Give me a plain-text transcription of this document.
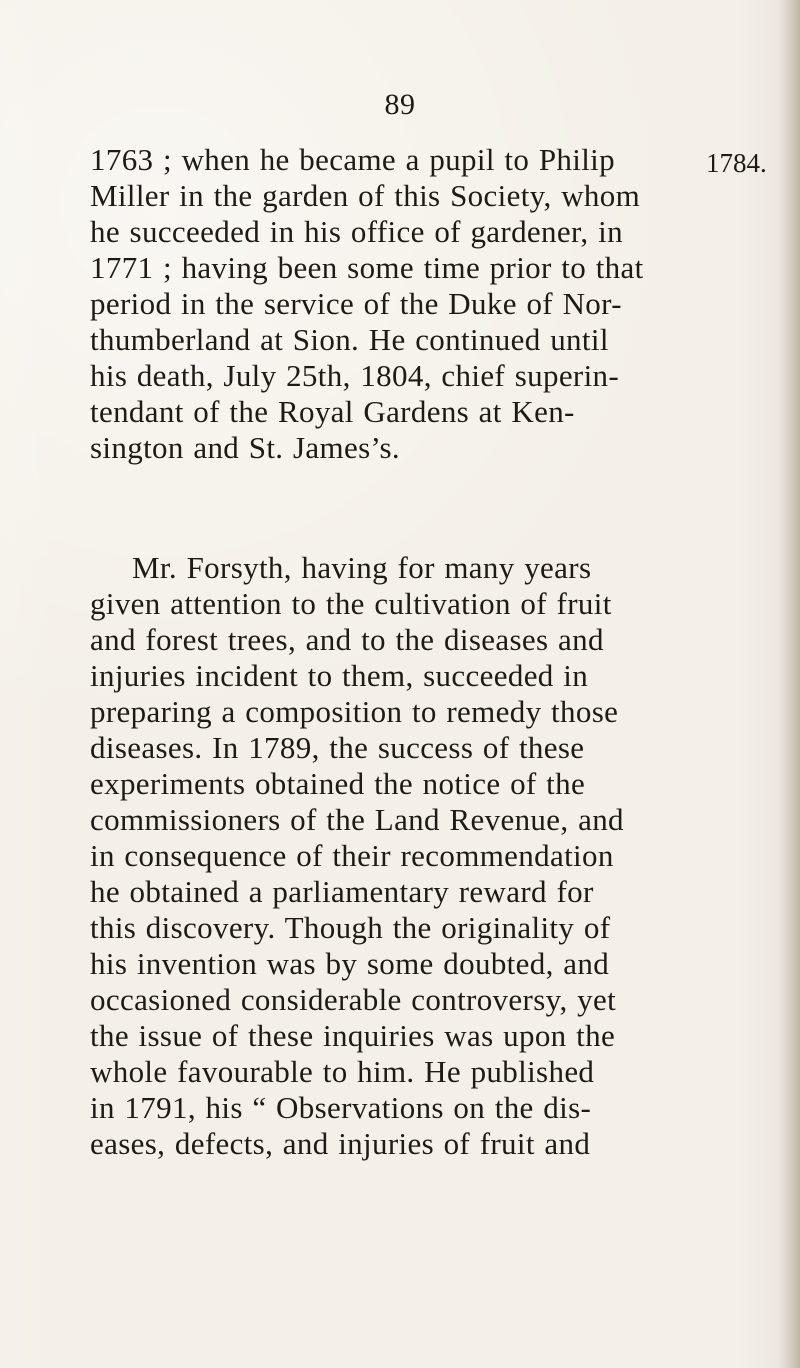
89
1784.
1763 ; when he became a pupil to Philip
Miller in the garden of this Society, whom
he succeeded in his office of gardener, in
1771 ; having been some time prior to that
period in the service of the Duke of Nor-
thumberland at Sion. He continued until
his death, July 25th, 1804, chief superin-
tendant of the Royal Gardens at Ken-
sington and St. James’s.
Mr. Forsyth, having for many years
given attention to the cultivation of fruit
and forest trees, and to the diseases and
injuries incident to them, succeeded in
preparing a composition to remedy those
diseases. In 1789, the success of these
experiments obtained the notice of the
commissioners of the Land Revenue, and
in consequence of their recommendation
he obtained a parliamentary reward for
this discovery. Though the originality of
his invention was by some doubted, and
occasioned considerable controversy, yet
the issue of these inquiries was upon the
whole favourable to him. He published
in 1791, his “ Observations on the dis-
eases, defects, and injuries of fruit and
